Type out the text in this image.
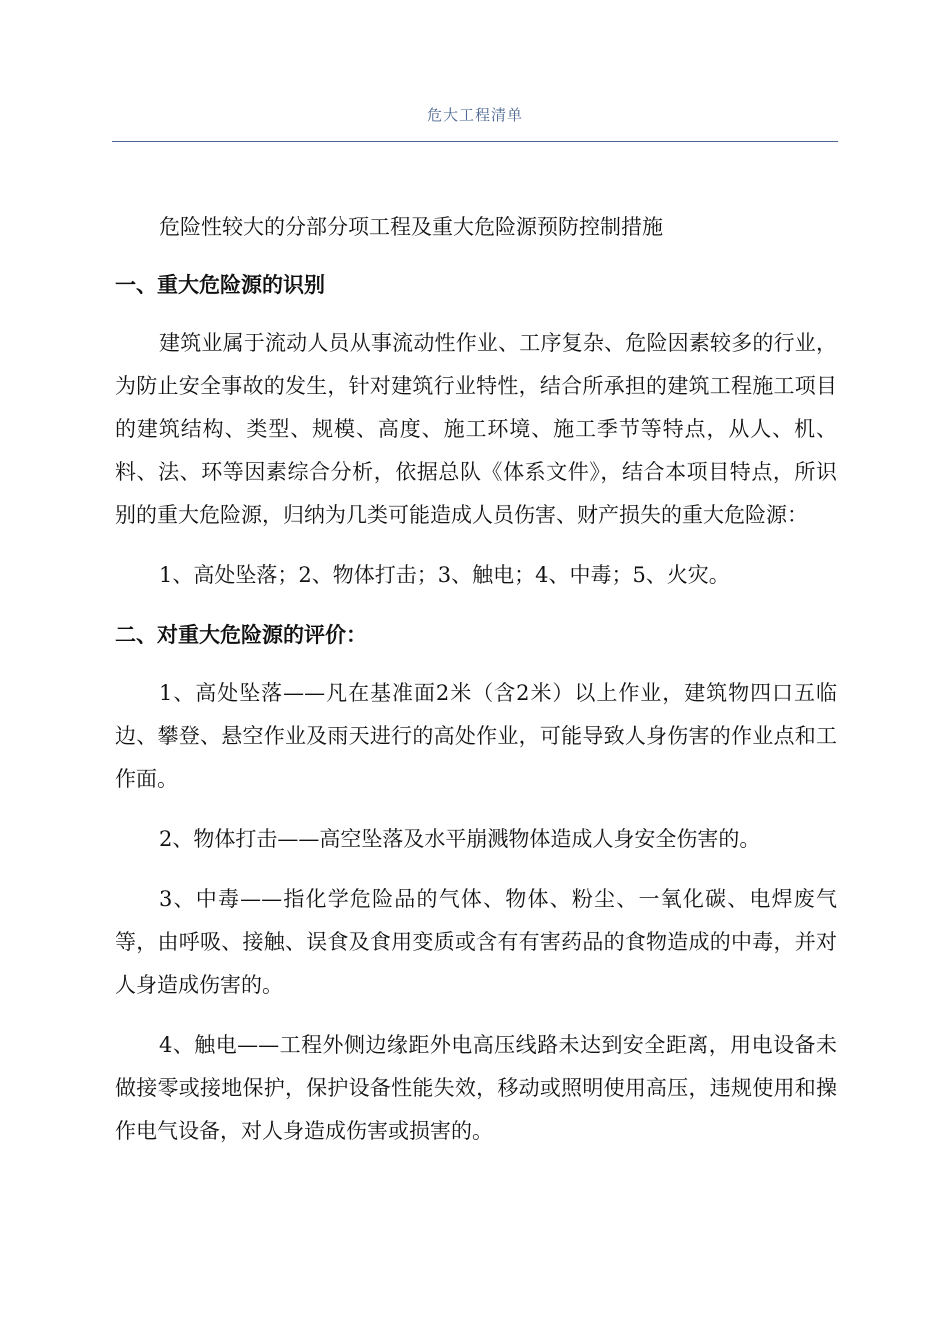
危大工程清单

危险性较大的分部分项工程及重大危险源预防控制措施

一、重大危险源的识别

建筑业属于流动人员从事流动性作业、工序复杂、危险因素较多的行业，为防止安全事故的发生，针对建筑行业特性，结合所承担的建筑工程施工项目的建筑结构、类型、规模、高度、施工环境、施工季节等特点，从人、机、料、法、环等因素综合分析，依据总队《体系文件》，结合本项目特点，所识别的重大危险源，归纳为几类可能造成人员伤害、财产损失的重大危险源：

1、高处坠落；2、物体打击；3、触电；4、中毒；5、火灾。

二、对重大危险源的评价：

1、高处坠落——凡在基准面2米（含2米）以上作业，建筑物四口五临边、攀登、悬空作业及雨天进行的高处作业，可能导致人身伤害的作业点和工作面。

2、物体打击——高空坠落及水平崩溅物体造成人身安全伤害的。

3、中毒——指化学危险品的气体、物体、粉尘、一氧化碳、电焊废气等，由呼吸、接触、误食及食用变质或含有有害药品的食物造成的中毒，并对人身造成伤害的。

4、触电——工程外侧边缘距外电高压线路未达到安全距离，用电设备未做接零或接地保护，保护设备性能失效，移动或照明使用高压，违规使用和操作电气设备，对人身造成伤害或损害的。
